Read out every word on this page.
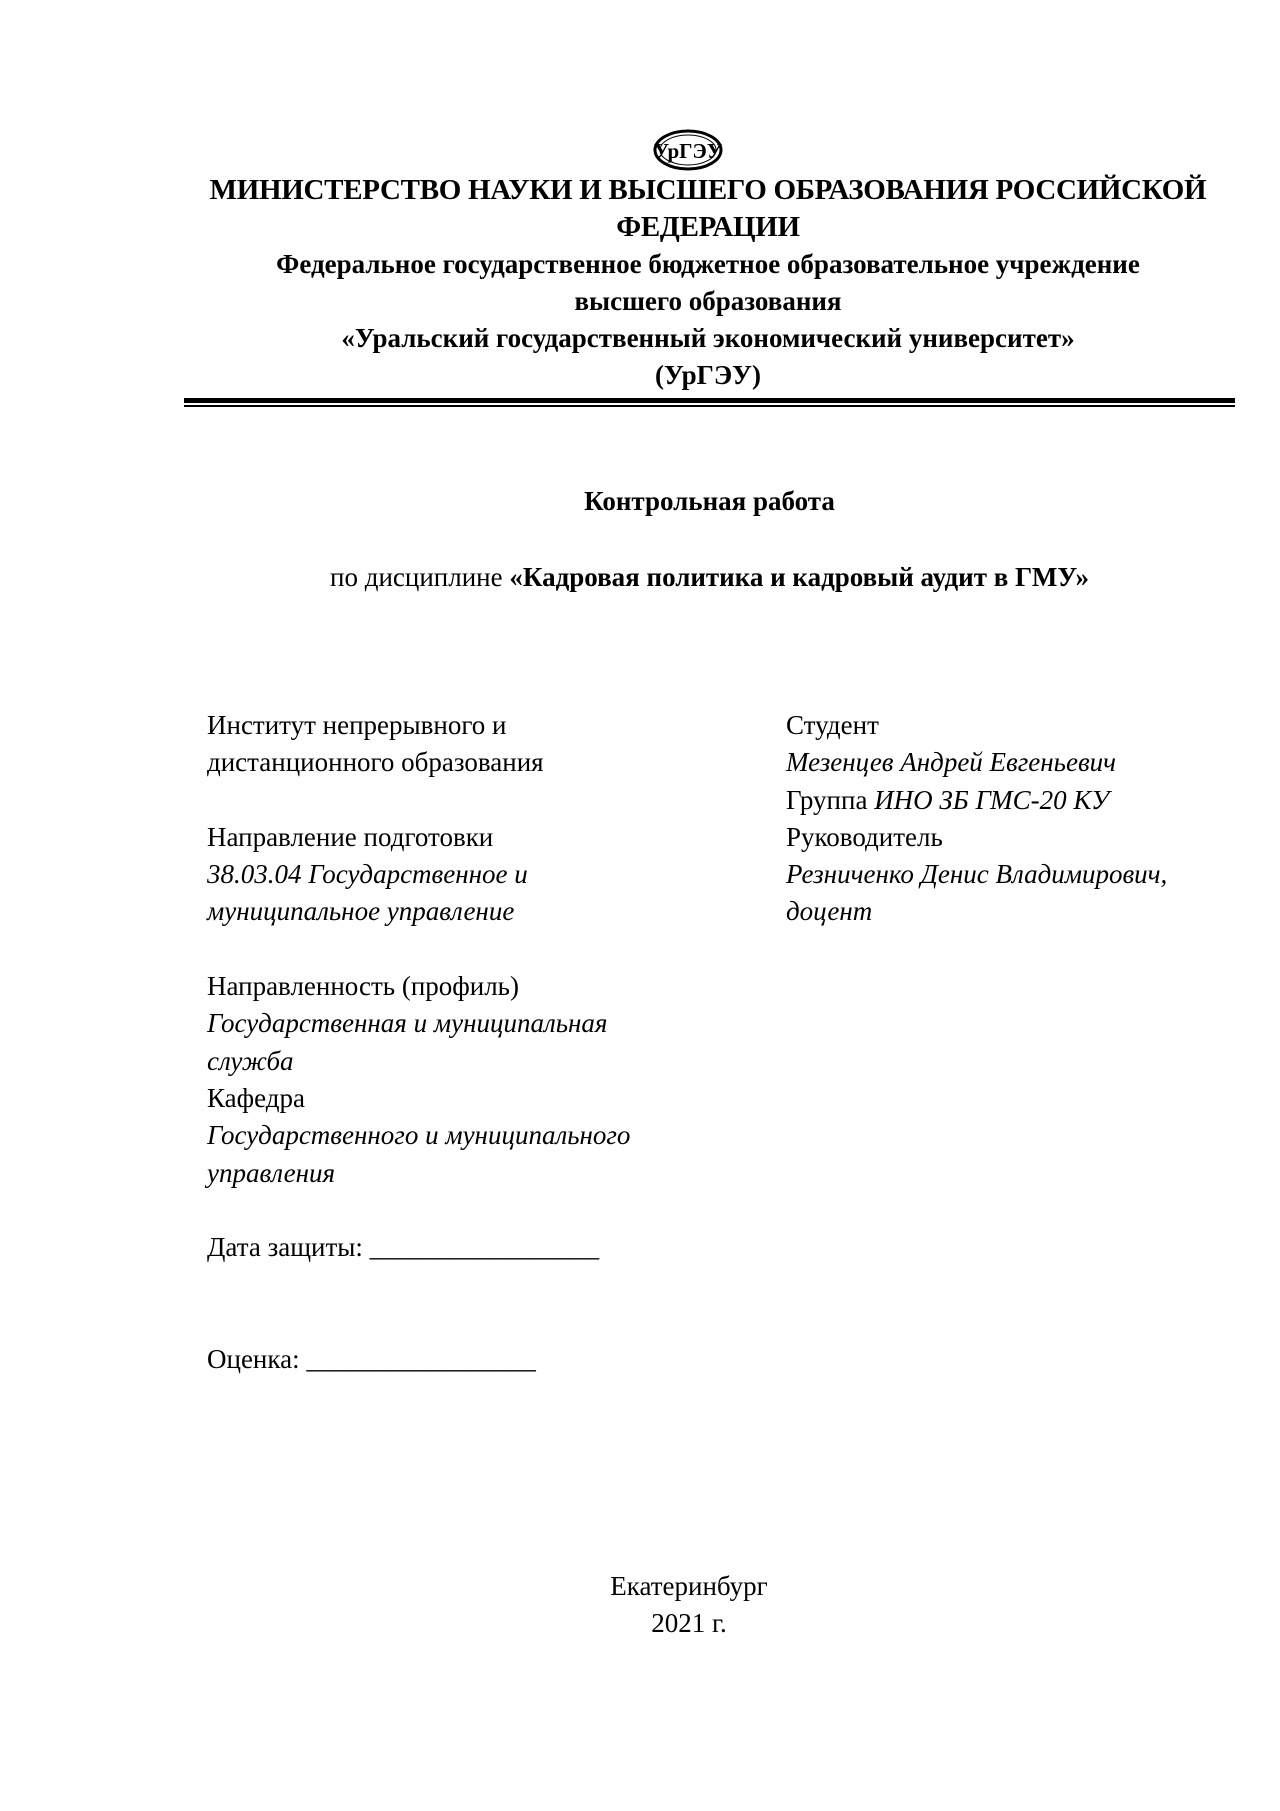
УрГЭУ
МИНИСТЕРСТВО НАУКИ И ВЫСШЕГО ОБРАЗОВАНИЯ РОССИЙСКОЙ
ФЕДЕРАЦИИ
Федеральное государственное бюджетное образовательное учреждение
высшего образования
«Уральский государственный экономический университет»
(УрГЭУ)
Контрольная работа
по дисциплине «Кадровая политика и кадровый аудит в ГМУ»
Институт непрерывного и
дистанционного образования
Направление подготовки
38.03.04 Государственное и
муниципальное управление
Направленность (профиль)
Государственная и муниципальная
служба
Кафедра
Государственного и муниципального
управления
Дата защиты: _________________
Оценка: _________________
Студент
Мезенцев Андрей Евгеньевич
Группа ИНО ЗБ ГМС-20 КУ
Руководитель
Резниченко Денис Владимирович,
доцент
Екатеринбург
2021 г.
